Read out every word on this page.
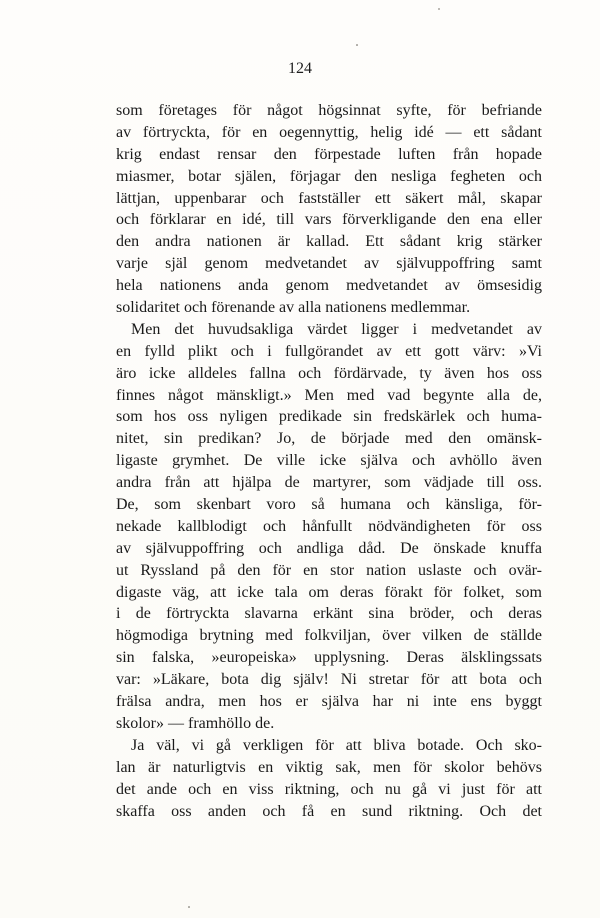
124
som företages för något högsinnat syfte, för befriande
av förtryckta, för en oegennyttig, helig idé — ett sådant
krig endast rensar den förpestade luften från hopade
miasmer, botar själen, förjagar den nesliga fegheten och
lättjan, uppenbarar och fastställer ett säkert mål, skapar
och förklarar en idé, till vars förverkligande den ena eller
den andra nationen är kallad. Ett sådant krig stärker
varje själ genom medvetandet av självuppoffring samt
hela nationens anda genom medvetandet av ömsesidig
solidaritet och förenande av alla nationens medlemmar.
Men det huvudsakliga värdet ligger i medvetandet av
en fylld plikt och i fullgörandet av ett gott värv: »Vi
äro icke alldeles fallna och fördärvade, ty även hos oss
finnes något mänskligt.» Men med vad begynte alla de,
som hos oss nyligen predikade sin fredskärlek och huma-
nitet, sin predikan? Jo, de började med den omänsk-
ligaste grymhet. De ville icke själva och avhöllo även
andra från att hjälpa de martyrer, som vädjade till oss.
De, som skenbart voro så humana och känsliga, för-
nekade kallblodigt och hånfullt nödvändigheten för oss
av självuppoffring och andliga dåd. De önskade knuffa
ut Ryssland på den för en stor nation uslaste och ovär-
digaste väg, att icke tala om deras förakt för folket, som
i de förtryckta slavarna erkänt sina bröder, och deras
högmodiga brytning med folkviljan, över vilken de ställde
sin falska, »europeiska» upplysning. Deras älsklingssats
var: »Läkare, bota dig själv! Ni stretar för att bota och
frälsa andra, men hos er själva har ni inte ens byggt
skolor» — framhöllo de.
Ja väl, vi gå verkligen för att bliva botade. Och sko-
lan är naturligtvis en viktig sak, men för skolor behövs
det ande och en viss riktning, och nu gå vi just för att
skaffa oss anden och få en sund riktning. Och det
